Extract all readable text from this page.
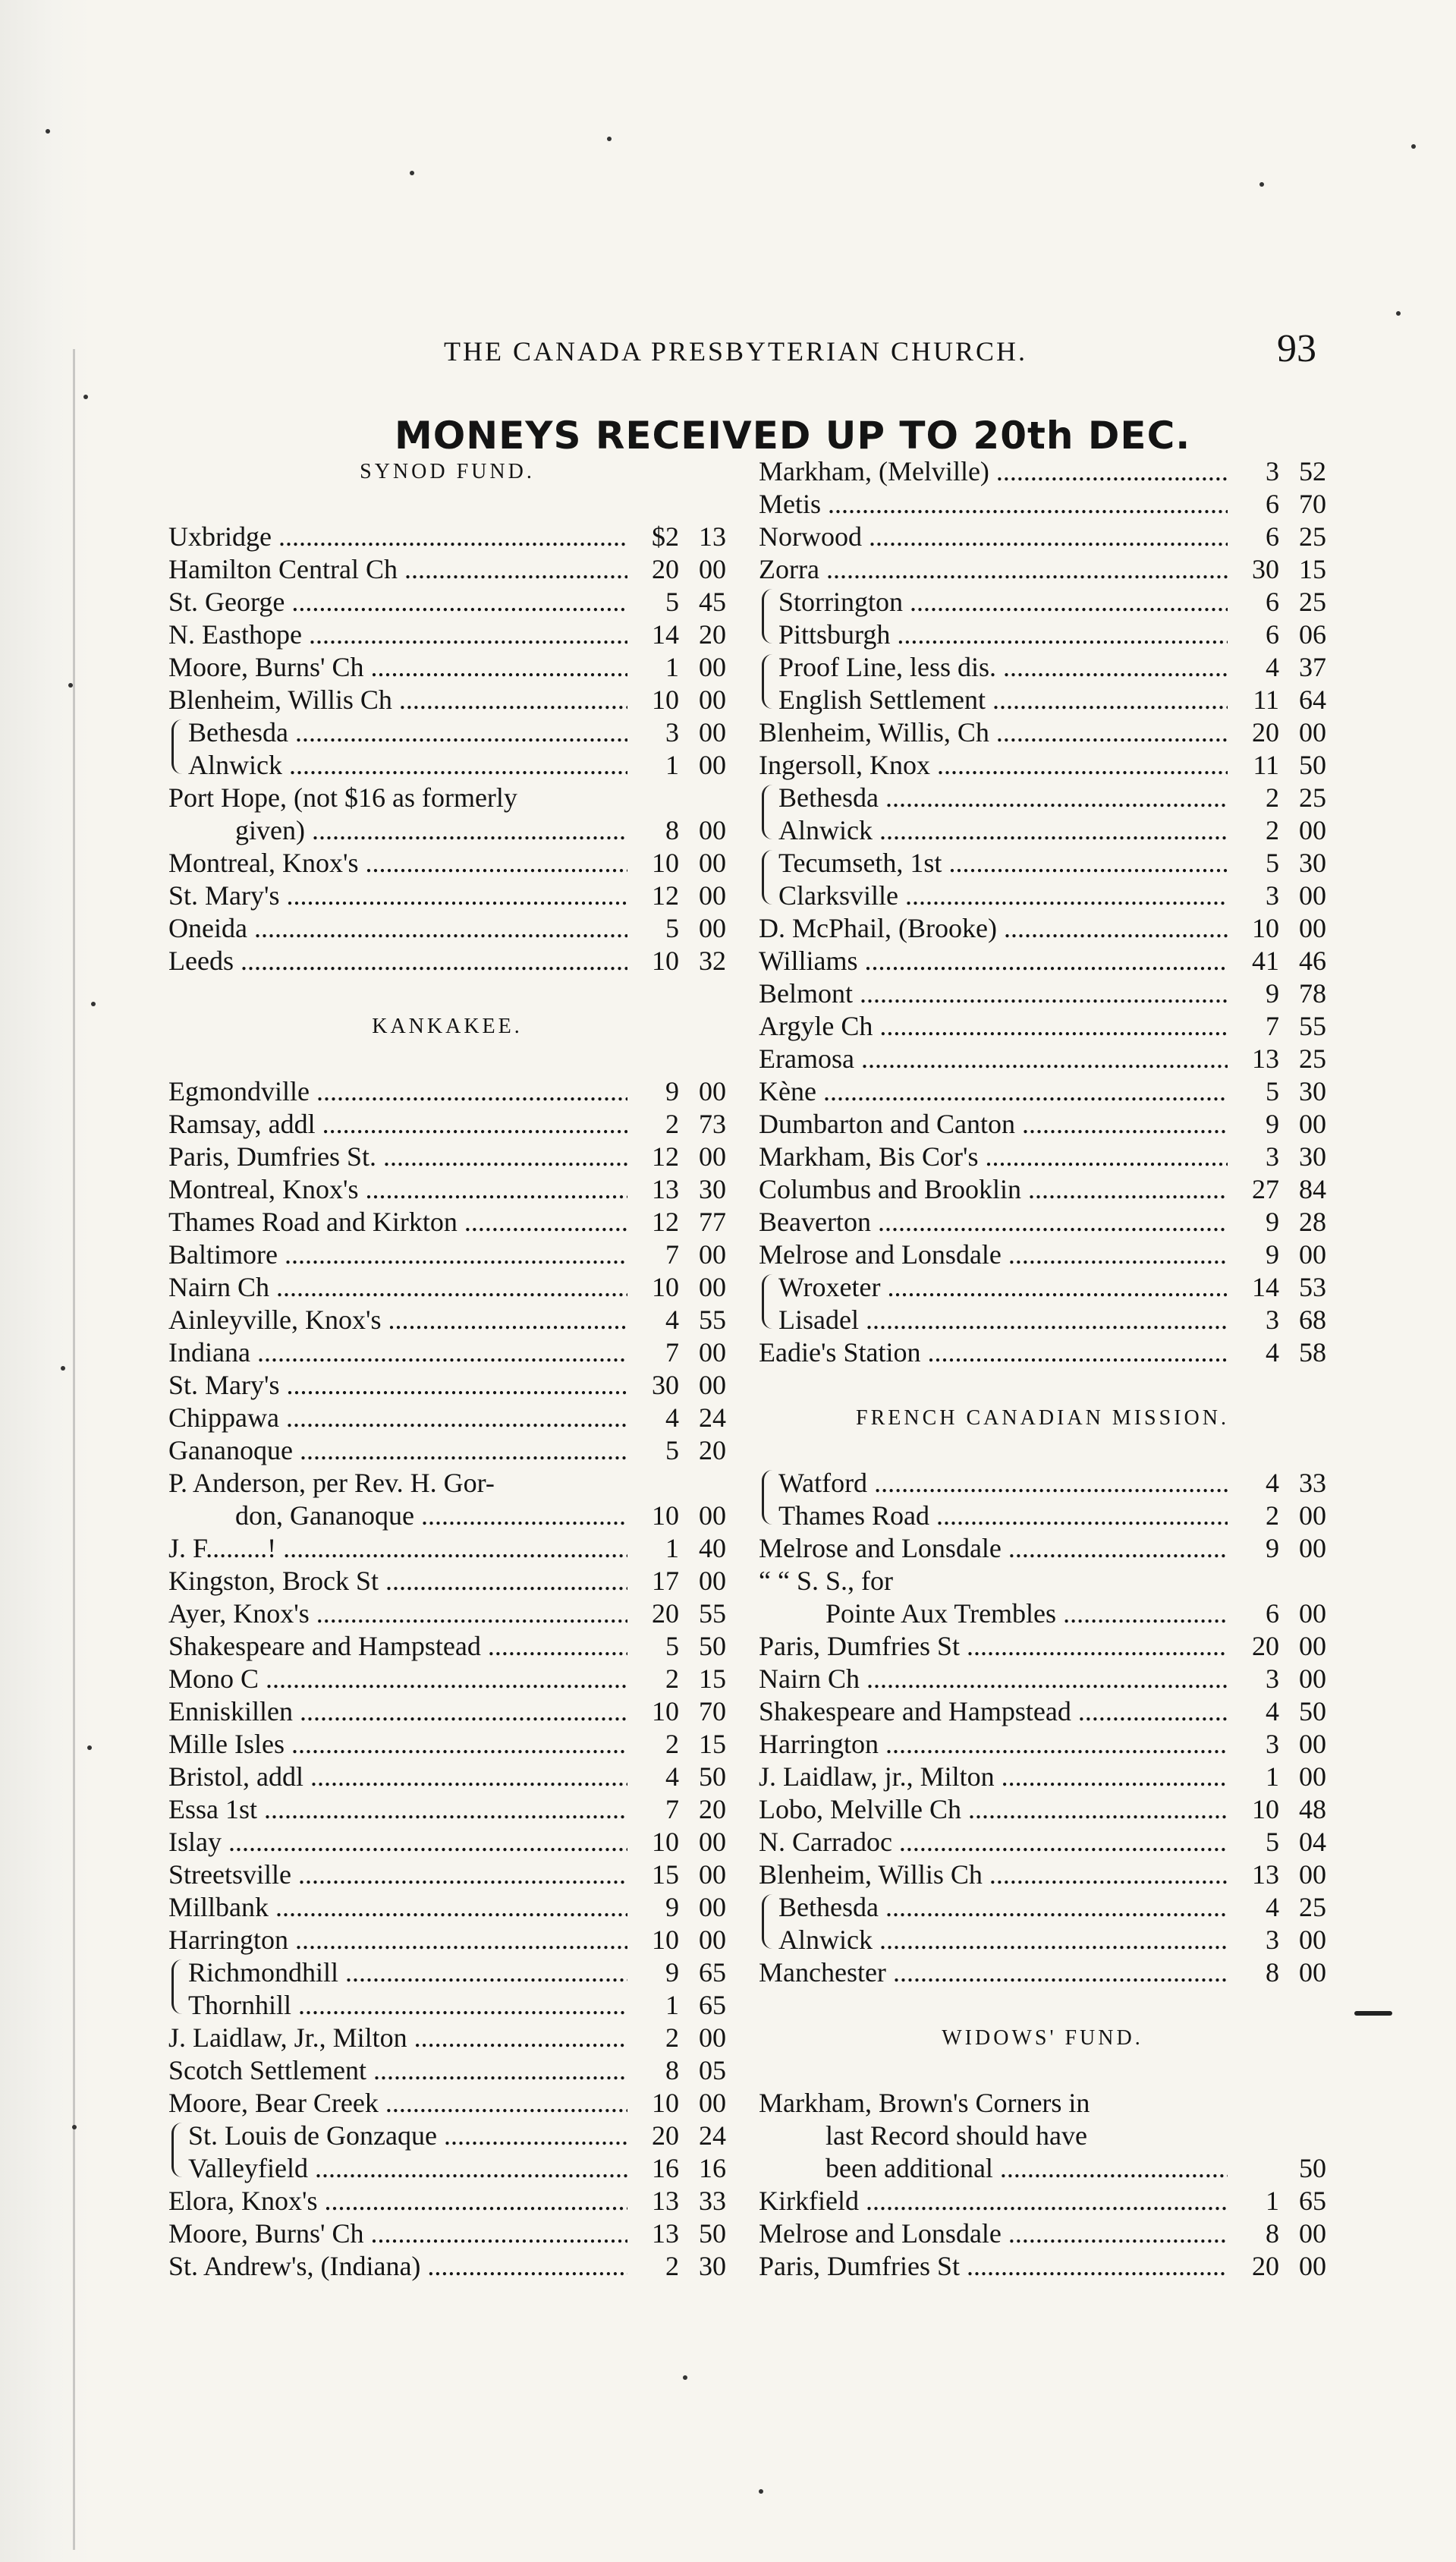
THE CANADA PRESBYTERIAN CHURCH.	93
MONEYS RECEIVED UP TO 20th DEC.
SYNOD FUND.
Uxbridge .....	$2 13
Hamilton Central Ch .....	20 00
St. George .....	5 45
N. Easthope .....	14 20
Moore, Burns' Ch .....	1 00
Blenheim, Willis Ch .....	10 00
Bethesda .....	3 00
Alnwick .....	1 00
Port Hope, (not $16 as formerly
given) .....	8 00
Montreal, Knox's .....	10 00
St. Mary's .....	12 00
Oneida .....	5 00
Leeds .....	10 32
KANKAKEE.
Egmondville .....	9 00
Ramsay, addl .....	2 73
Paris, Dumfries St. .....	12 00
Montreal, Knox's .....	13 30
Thames Road and Kirkton .....	12 77
Baltimore .....	7 00
Nairn Ch .....	10 00
Ainleyville, Knox's .....	4 55
Indiana .....	7 00
St. Mary's .....	30 00
Chippawa .....	4 24
Gananoque .....	5 20
P. Anderson, per Rev. H. Gor-
don, Gananoque .....	10 00
J. F.........! .....	1 40
Kingston, Brock St .....	17 00
Ayer, Knox's .....	20 55
Shakespeare and Hampstead .....	5 50
Mono C .....	2 15
Enniskillen .....	10 70
Mille Isles .....	2 15
Bristol, addl .....	4 50
Essa 1st .....	7 20
Islay .....	10 00
Streetsville .....	15 00
Millbank .....	9 00
Harrington .....	10 00
Richmondhill .....	9 65
Thornhill .....	1 65
J. Laidlaw, Jr., Milton .....	2 00
Scotch Settlement .....	8 05
Moore, Bear Creek .....	10 00
St. Louis de Gonzaque .....	20 24
Valleyfield .....	16 16
Elora, Knox's .....	13 33
Moore, Burns' Ch .....	13 50
St. Andrew's, (Indiana) .....	2 30
Markham, (Melville) .....	3 52
Metis .....	6 70
Norwood .....	6 25
Zorra .....	30 15
Storrington .....	6 25
Pittsburgh .....	6 06
Proof Line, less dis. .....	4 37
English Settlement .....	11 64
Blenheim, Willis, Ch .....	20 00
Ingersoll, Knox .....	11 50
Bethesda .....	2 25
Alnwick .....	2 00
Tecumseth, 1st .....	5 30
Clarksville .....	3 00
D. McPhail, (Brooke) .....	10 00
Williams .....	41 46
Belmont .....	9 78
Argyle Ch .....	7 55
Eramosa .....	13 25
Kène .....	5 30
Dumbarton and Canton .....	9 00
Markham, Bis Cor's .....	3 30
Columbus and Brooklin .....	27 84
Beaverton .....	9 28
Melrose and Lonsdale .....	9 00
Wroxeter .....	14 53
Lisadel .....	3 68
Eadie's Station .....	4 58
FRENCH CANADIAN MISSION.
Watford .....	4 33
Thames Road .....	2 00
Melrose and Lonsdale .....	9 00
“ “ S. S., for
Pointe Aux Trembles .....	6 00
Paris, Dumfries St .....	20 00
Nairn Ch .....	3 00
Shakespeare and Hampstead .....	4 50
Harrington .....	3 00
J. Laidlaw, jr., Milton .....	1 00
Lobo, Melville Ch .....	10 48
N. Carradoc .....	5 04
Blenheim, Willis Ch .....	13 00
Bethesda .....	4 25
Alnwick .....	3 00
Manchester .....	8 00
WIDOWS' FUND.
Markham, Brown's Corners in
last Record should have
been additional .....	50
Kirkfield .....	1 65
Melrose and Lonsdale .....	8 00
Paris, Dumfries St .....	20 00
